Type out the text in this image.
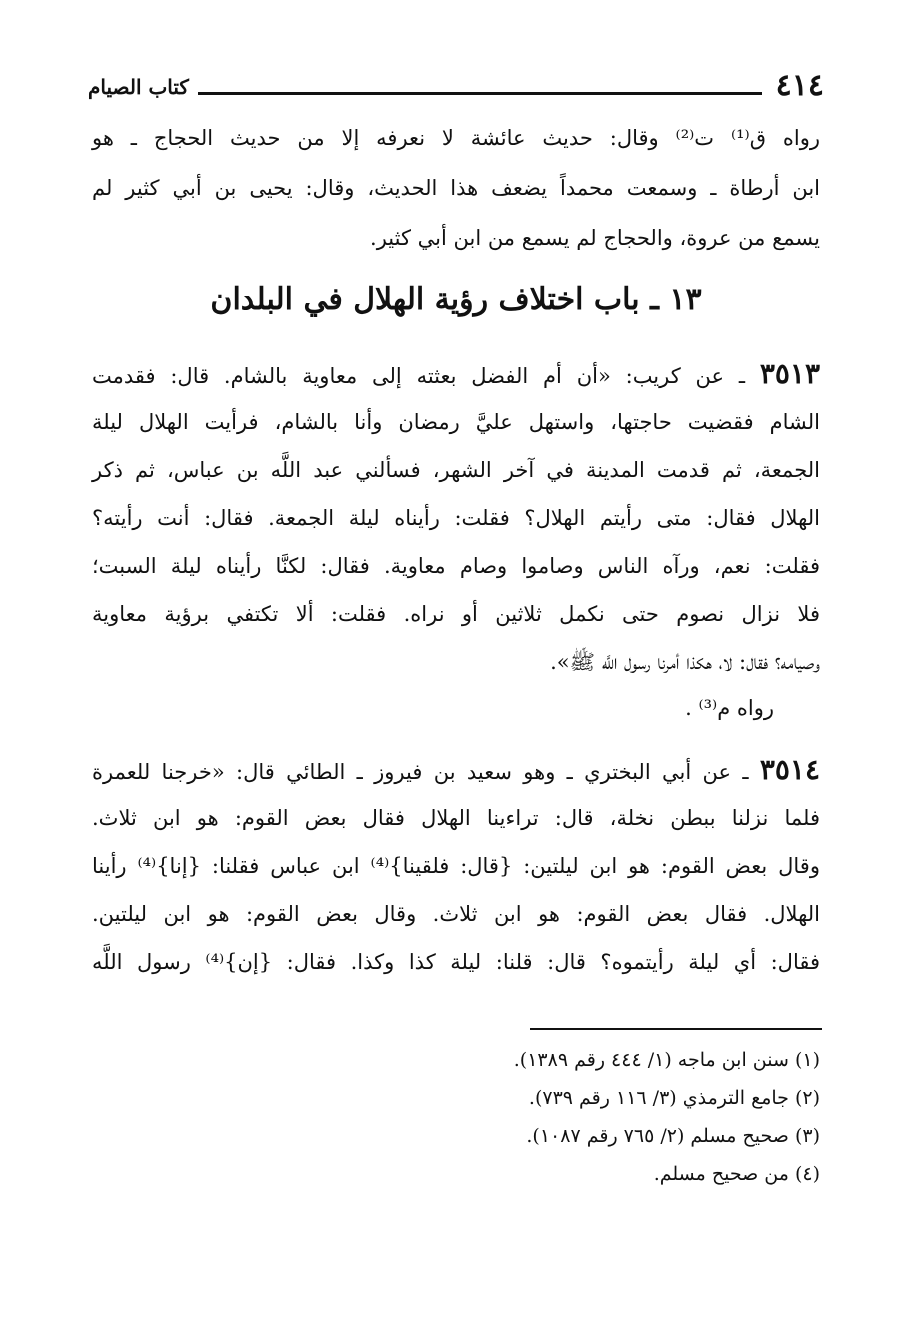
٤١٤
كتاب الصيام
رواه ق⁽¹⁾ ت⁽²⁾ وقال: حديث عائشة لا نعرفه إلا من حديث الحجاج ـ هو
ابن أرطاة ـ وسمعت محمداً يضعف هذا الحديث، وقال: يحيى بن أبي كثير لم
يسمع من عروة، والحجاج لم يسمع من ابن أبي كثير.
١٣ ـ باب اختلاف رؤية الهلال في البلدان
٣٥١٣ ـ عن كريب: «أن أم الفضل بعثته إلى معاوية بالشام. قال: فقدمت
الشام فقضيت حاجتها، واستهل عليَّ رمضان وأنا بالشام، فرأيت الهلال ليلة
الجمعة، ثم قدمت المدينة في آخر الشهر، فسألني عبد اللَّه بن عباس، ثم ذكر
الهلال فقال: متى رأيتم الهلال؟ فقلت: رأيناه ليلة الجمعة. فقال: أنت رأيته؟
فقلت: نعم، ورآه الناس وصاموا وصام معاوية. فقال: لكنَّا رأيناه ليلة السبت؛
فلا نزال نصوم حتى نكمل ثلاثين أو نراه. فقلت: ألا تكتفي برؤية معاوية
وصيامه؟ فقال: لا، هكذا أمرنا رسول اللَّه ﷺ».
رواه م⁽³⁾ .
٣٥١٤ ـ عن أبي البختري ـ وهو سعيد بن فيروز ـ الطائي قال: «خرجنا للعمرة
فلما نزلنا ببطن نخلة، قال: تراءينا الهلال فقال بعض القوم: هو ابن ثلاث.
وقال بعض القوم: هو ابن ليلتين: {قال: فلقينا}⁽⁴⁾ ابن عباس فقلنا: {إنا}⁽⁴⁾ رأينا
الهلال. فقال بعض القوم: هو ابن ثلاث. وقال بعض القوم: هو ابن ليلتين.
فقال: أي ليلة رأيتموه؟ قال: قلنا: ليلة كذا وكذا. فقال: {إن}⁽⁴⁾ رسول اللَّه
(١) سنن ابن ماجه (١/ ٤٤٤ رقم ١٣٨٩).
(٢) جامع الترمذي (٣/ ١١٦ رقم ٧٣٩).
(٣) صحيح مسلم (٢/ ٧٦٥ رقم ١٠٨٧).
(٤) من صحيح مسلم.
